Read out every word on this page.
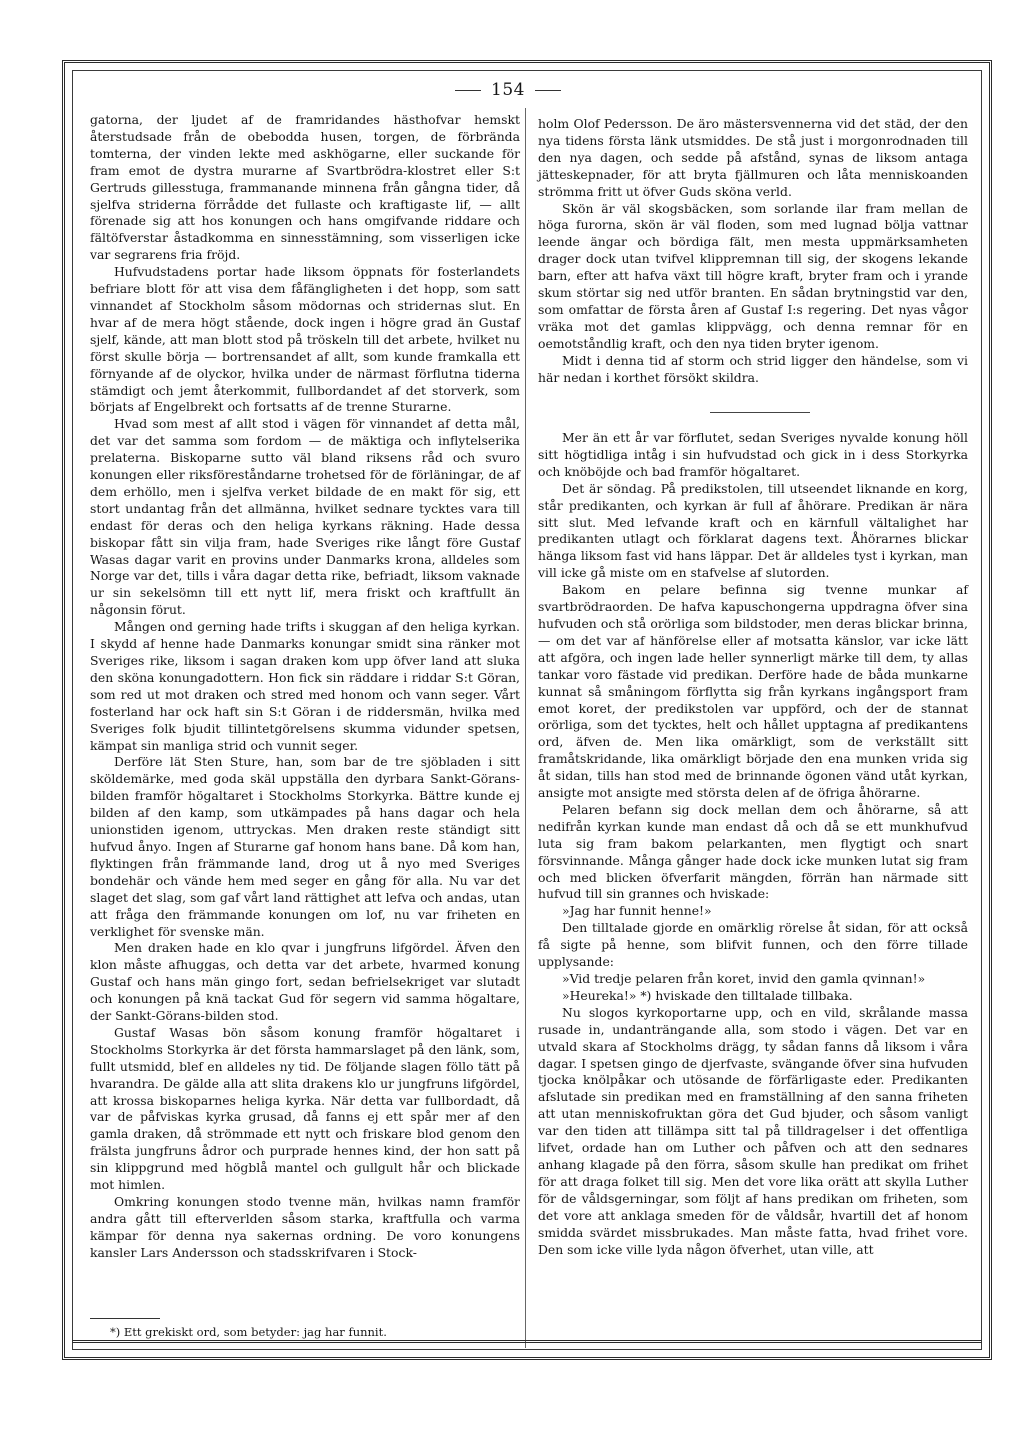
154

gatorna, der ljudet af de framridandes hästhofvar hemskt återstudsade från de obebodda husen, torgen, de förbrända tomterna, der vinden lekte med askhögarne, eller suckande för fram emot de dystra murarne af Svartbrödra-klostret eller S:t Gertruds gillesstuga, frammanande minnena från gångna tider, då sjelfva striderna förrådde det fullaste och kraftigaste lif, — allt förenade sig att hos konungen och hans omgifvande riddare och fältöfverstar åstadkomma en sinnesstämning, som visserligen icke var segrarens fria fröjd.

Hufvudstadens portar hade liksom öppnats för fosterlandets befriare blott för att visa dem fåfängligheten i det hopp, som satt vinnandet af Stockholm såsom mödornas och stridernas slut. En hvar af de mera högt stående, dock ingen i högre grad än Gustaf sjelf, kände, att man blott stod på tröskeln till det arbete, hvilket nu först skulle börja — bortrensandet af allt, som kunde framkalla ett förnyande af de olyckor, hvilka under de närmast förflutna tiderna stämdigt och jemt återkommit, fullbordandet af det storverk, som börjats af Engelbrekt och fortsatts af de trenne Sturarne.

Hvad som mest af allt stod i vägen för vinnandet af detta mål, det var det samma som fordom — de mäktiga och inflytelserika prelaterna. Biskoparne sutto väl bland riksens råd och svuro konungen eller riksföreståndarne trohetsed för de förläningar, de af dem erhöllo, men i sjelfva verket bildade de en makt för sig, ett stort undantag från det allmänna, hvilket sednare tycktes vara till endast för deras och den heliga kyrkans räkning. Hade dessa biskopar fått sin vilja fram, hade Sveriges rike långt före Gustaf Wasas dagar varit en provins under Danmarks krona, alldeles som Norge var det, tills i våra dagar detta rike, befriadt, liksom vaknade ur sin sekelsömn till ett nytt lif, mera friskt och kraftfullt än någonsin förut.

Mången ond gerning hade trifts i skuggan af den heliga kyrkan. I skydd af henne hade Danmarks konungar smidt sina ränker mot Sveriges rike, liksom i sagan draken kom upp öfver land att sluka den sköna konungadottern. Hon fick sin räddare i riddar S:t Göran, som red ut mot draken och stred med honom och vann seger. Vårt fosterland har ock haft sin S:t Göran i de riddersmän, hvilka med Sveriges folk bjudit tillintetgörelsens skumma vidunder spetsen, kämpat sin manliga strid och vunnit seger.

Derföre lät Sten Sture, han, som bar de tre sjöbladen i sitt sköldemärke, med goda skäl uppställa den dyrbara Sankt-Görans-bilden framför högaltaret i Stockholms Storkyrka. Bättre kunde ej bilden af den kamp, som utkämpades på hans dagar och hela unionstiden igenom, uttryckas. Men draken reste ständigt sitt hufvud ånyo. Ingen af Sturarne gaf honom hans bane. Då kom han, flyktingen från främmande land, drog ut å nyo med Sveriges bondehär och vände hem med seger en gång för alla. Nu var det slaget det slag, som gaf vårt land rättighet att lefva och andas, utan att fråga den främmande konungen om lof, nu var friheten en verklighet för svenske män.

Men draken hade en klo qvar i jungfruns lifgördel. Äfven den klon måste afhuggas, och detta var det arbete, hvarmed konung Gustaf och hans män gingo fort, sedan befrielsekriget var slutadt och konungen på knä tackat Gud för segern vid samma högaltare, der Sankt-Görans-bilden stod.

Gustaf Wasas bön såsom konung framför högaltaret i Stockholms Storkyrka är det första hammarslaget på den länk, som, fullt utsmidd, blef en alldeles ny tid. De följande slagen föllo tätt på hvarandra. De gälde alla att slita drakens klo ur jungfruns lifgördel, att krossa biskoparnes heliga kyrka. När detta var fullbordadt, då var de påfviskas kyrka grusad, då fanns ej ett spår mer af den gamla draken, då strömmade ett nytt och friskare blod genom den frälsta jungfruns ådror och purprade hennes kind, der hon satt på sin klippgrund med högblå mantel och gullgult hår och blickade mot himlen.

Omkring konungen stodo tvenne män, hvilkas namn framför andra gått till efterverlden såsom starka, kraftfulla och varma kämpar för denna nya sakernas ordning. De voro konungens kansler Lars Andersson och stadsskrifvaren i Stock-

holm Olof Pedersson. De äro mästersvennerna vid det städ, der den nya tidens första länk utsmiddes. De stå just i morgonrodnaden till den nya dagen, och sedde på afstånd, synas de liksom antaga jätteskepnader, för att bryta fjällmuren och låta menniskoanden strömma fritt ut öfver Guds sköna verld.

Skön är väl skogsbäcken, som sorlande ilar fram mellan de höga furorna, skön är väl floden, som med lugnad bölja vattnar leende ängar och bördiga fält, men mesta uppmärksamheten drager dock utan tvifvel klippremnan till sig, der skogens lekande barn, efter att hafva växt till högre kraft, bryter fram och i yrande skum störtar sig ned utför branten. En sådan brytningstid var den, som omfattar de första åren af Gustaf I:s regering. Det nyas vågor vräka mot det gamlas klippvägg, och denna remnar för en oemotståndlig kraft, och den nya tiden bryter igenom.

Midt i denna tid af storm och strid ligger den händelse, som vi här nedan i korthet försökt skildra.

Mer än ett år var förflutet, sedan Sveriges nyvalde konung höll sitt högtidliga intåg i sin hufvudstad och gick in i dess Storkyrka och knöböjde och bad framför högaltaret.

Det är söndag. På predikstolen, till utseendet liknande en korg, står predikanten, och kyrkan är full af åhörare. Predikan är nära sitt slut. Med lefvande kraft och en kärnfull vältalighet har predikanten utlagt och förklarat dagens text. Åhörarnes blickar hänga liksom fast vid hans läppar. Det är alldeles tyst i kyrkan, man vill icke gå miste om en stafvelse af slutorden.

Bakom en pelare befinna sig tvenne munkar af svartbrödraorden. De hafva kapuschongerna uppdragna öfver sina hufvuden och stå orörliga som bildstoder, men deras blickar brinna, — om det var af hänförelse eller af motsatta känslor, var icke lätt att afgöra, och ingen lade heller synnerligt märke till dem, ty allas tankar voro fästade vid predikan. Derföre hade de båda munkarne kunnat så småningom förflytta sig från kyrkans ingångsport fram emot koret, der predikstolen var uppförd, och der de stannat orörliga, som det tycktes, helt och hållet upptagna af predikantens ord, äfven de. Men lika omärkligt, som de verkställt sitt framåtskridande, lika omärkligt började den ena munken vrida sig åt sidan, tills han stod med de brinnande ögonen vänd utåt kyrkan, ansigte mot ansigte med största delen af de öfriga åhörarne.

Pelaren befann sig dock mellan dem och åhörarne, så att nedifrån kyrkan kunde man endast då och då se ett munkhufvud luta sig fram bakom pelarkanten, men flygtigt och snart försvinnande. Många gånger hade dock icke munken lutat sig fram och med blicken öfverfarit mängden, förrän han närmade sitt hufvud till sin grannes och hviskade:

»Jag har funnit henne!»

Den tilltalade gjorde en omärklig rörelse åt sidan, för att också få sigte på henne, som blifvit funnen, och den förre tillade upplysande:

»Vid tredje pelaren från koret, invid den gamla qvinnan!»

»Heureka!» *) hviskade den tilltalade tillbaka.

Nu slogos kyrkoportarne upp, och en vild, skrålande massa rusade in, undanträngande alla, som stodo i vägen. Det var en utvald skara af Stockholms drägg, ty sådan fanns då liksom i våra dagar. I spetsen gingo de djerfvaste, svängande öfver sina hufvuden tjocka knölpåkar och utösande de förfärligaste eder. Predikanten afslutade sin predikan med en framställning af den sanna friheten att utan menniskofruktan göra det Gud bjuder, och såsom vanligt var den tiden att tillämpa sitt tal på tilldragelser i det offentliga lifvet, ordade han om Luther och påfven och att den sednares anhang klagade på den förra, såsom skulle han predikat om frihet för att draga folket till sig. Men det vore lika orätt att skylla Luther för de våldsgerningar, som följt af hans predikan om friheten, som det vore att anklaga smeden för de våldsår, hvartill det af honom smidda svärdet missbrukades. Man måste fatta, hvad frihet vore. Den som icke ville lyda någon öfverhet, utan ville, att

*) Ett grekiskt ord, som betyder: jag har funnit.
